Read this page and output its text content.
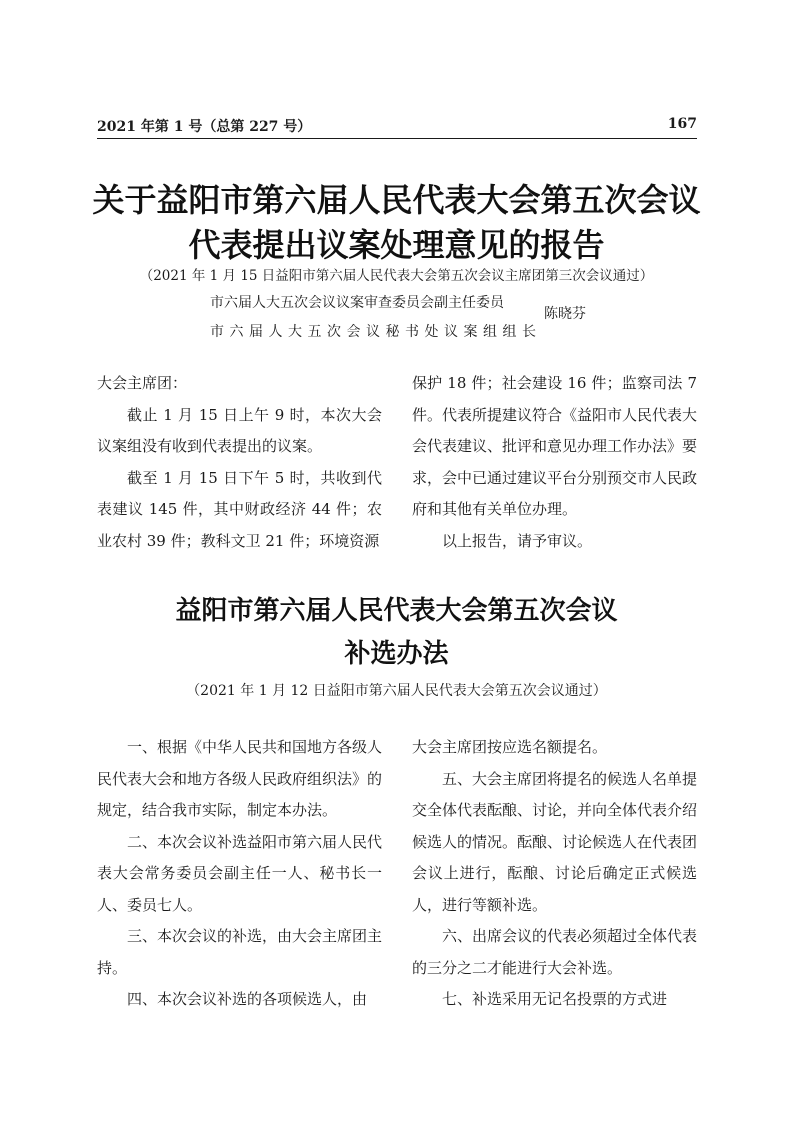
2021 年第 1 号（总第 227 号）	167
关于益阳市第六届人民代表大会第五次会议
代表提出议案处理意见的报告
（2021 年 1 月 15 日益阳市第六届人民代表大会第五次会议主席团第三次会议通过）
市六届人大五次会议议案审查委员会副主任委员
市六届人大五次会议秘书处议案组组长
陈晓芬

大会主席团：

截止 1 月 15 日上午 9 时，本次大会议案组没有收到代表提出的议案。

截至 1 月 15 日下午 5 时，共收到代表建议 145 件，其中财政经济 44 件；农业农村 39 件；教科文卫 21 件；环境资源

保护 18 件；社会建设 16 件；监察司法 7 件。代表所提建议符合《益阳市人民代表大会代表建议、批评和意见办理工作办法》要求，会中已通过建议平台分别预交市人民政府和其他有关单位办理。

以上报告，请予审议。

益阳市第六届人民代表大会第五次会议
补选办法
（2021 年 1 月 12 日益阳市第六届人民代表大会第五次会议通过）

一、根据《中华人民共和国地方各级人民代表大会和地方各级人民政府组织法》的规定，结合我市实际，制定本办法。

二、本次会议补选益阳市第六届人民代表大会常务委员会副主任一人、秘书长一人、委员七人。

三、本次会议的补选，由大会主席团主持。

四、本次会议补选的各项候选人，由

大会主席团按应选名额提名。

五、大会主席团将提名的候选人名单提交全体代表酝酿、讨论，并向全体代表介绍候选人的情况。酝酿、讨论候选人在代表团会议上进行，酝酿、讨论后确定正式候选人，进行等额补选。

六、出席会议的代表必须超过全体代表的三分之二才能进行大会补选。

七、补选采用无记名投票的方式进
